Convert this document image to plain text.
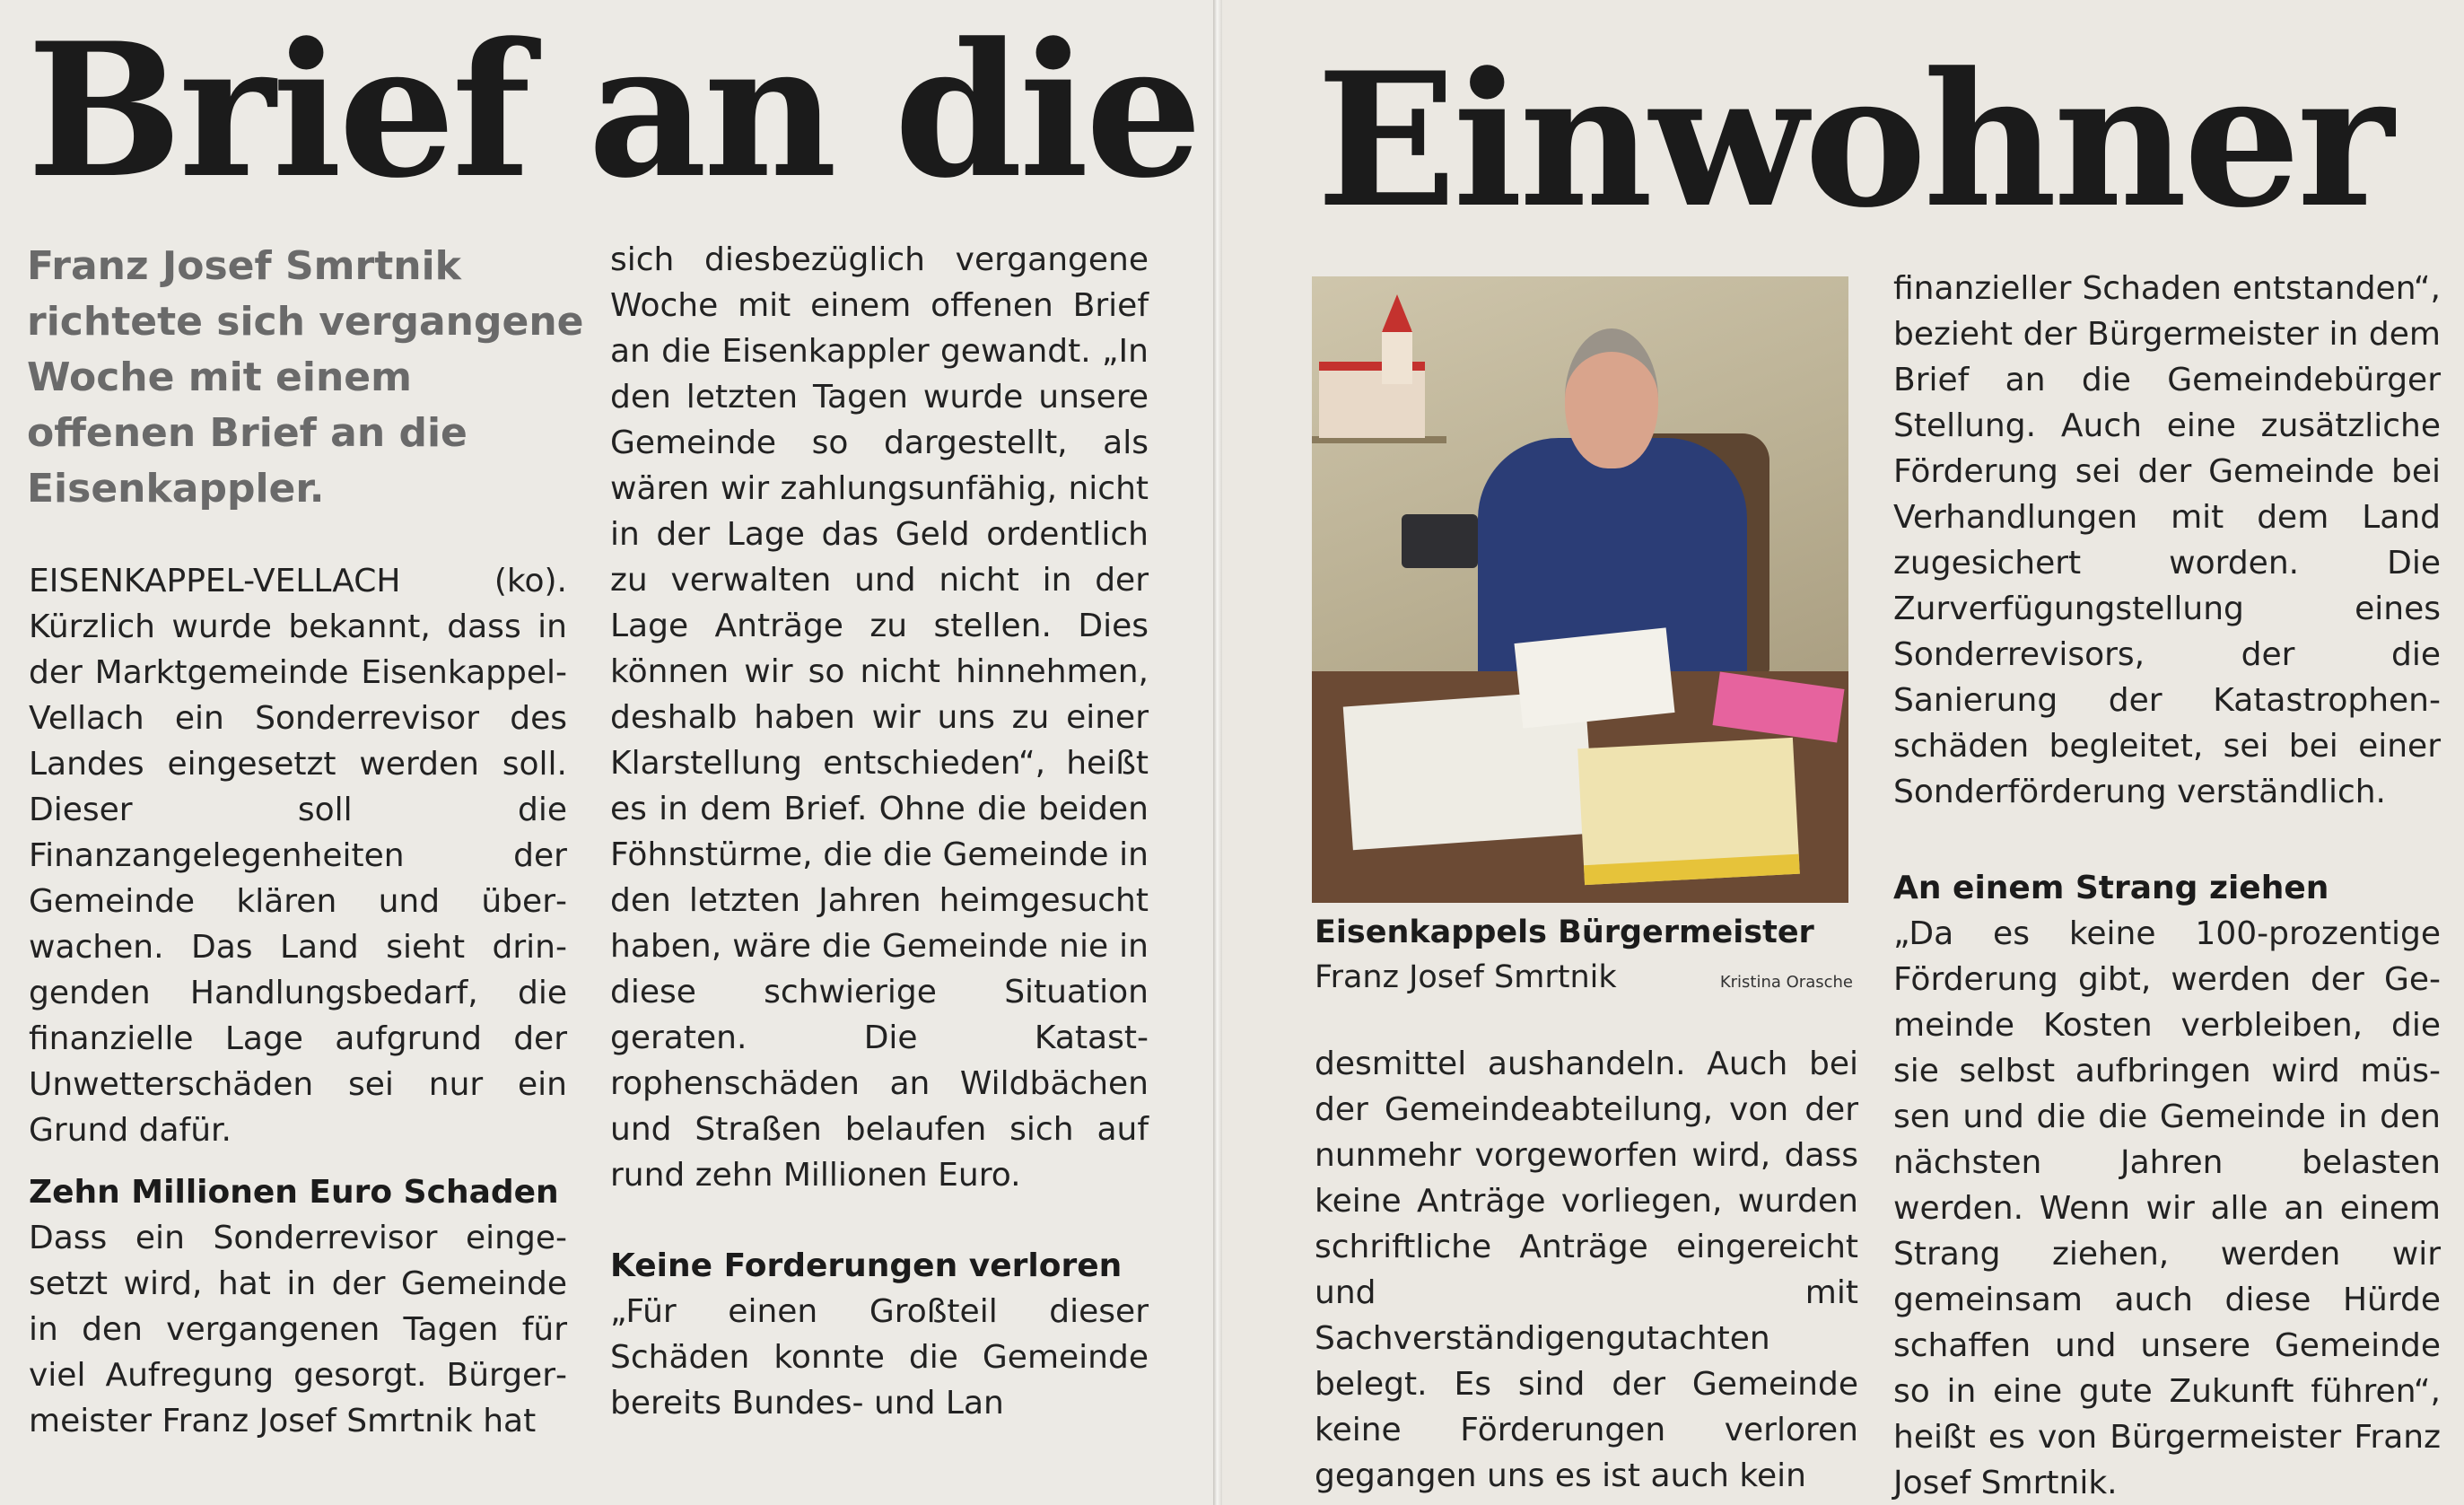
Brief an die

Franz Josef Smrtnik richtete sich vergangene Woche mit einem offenen Brief an die Eisenkappler.

EISENKAPPEL-VELLACH (ko). Kürzlich wurde bekannt, dass in der Marktgemeinde Eisenkappel-Vellach ein Sonderrevisor des Landes eingesetzt werden soll. Dieser soll die Finanzangelegenheiten der Gemeinde klären und überwachen. Das Land sieht dringenden Handlungsbedarf, die finanzielle Lage aufgrund der Unwetterschäden sei nur ein Grund dafür.

Zehn Millionen Euro Schaden

Dass ein Sonderrevisor eingesetzt wird, hat in der Gemeinde in den vergangenen Tagen für viel Aufregung gesorgt. Bürgermeister Franz Josef Smrtnik hat

sich diesbezüglich vergangene Woche mit einem offenen Brief an die Eisenkappler gewandt. „In den letzten Tagen wurde unsere Gemeinde so dargestellt, als wären wir zahlungsunfähig, nicht in der Lage das Geld ordentlich zu verwalten und nicht in der Lage Anträge zu stellen. Dies können wir so nicht hinnehmen, deshalb haben wir uns zu einer Klarstellung entschieden“, heißt es in dem Brief. Ohne die beiden Föhnstürme, die die Gemeinde in den letzten Jahren heimgesucht haben, wäre die Gemeinde nie in diese schwierige Situation geraten. Die Katastrophenschäden an Wildbächen und Straßen belaufen sich auf rund zehn Millionen Euro.

Keine Forderungen verloren

„Für einen Großteil dieser Schäden konnte die Gemeinde bereits Bundes- und Lan

Einwohner
Eisenkappels Bürgermeister
Franz Josef Smrtnik	Kristina Orasche

desmittel aushandeln. Auch bei der Gemeindeabteilung, von der nunmehr vorgeworfen wird, dass keine Anträge vorliegen, wurden schriftliche Anträge eingereicht und mit Sachverständigengutachten belegt. Es sind der Gemeinde keine Förderungen verloren gegangen uns es ist auch kein

finanzieller Schaden entstanden“, bezieht der Bürgermeister in dem Brief an die Gemeindebürger Stellung. Auch eine zusätzliche Förderung sei der Gemeinde bei Verhandlungen mit dem Land zugesichert worden. Die Zurverfügungstellung eines Sonderrevisors, der die Sanierung der Katastrophenschäden begleitet, sei bei einer Sonderförderung verständlich.

An einem Strang ziehen

„Da es keine 100-prozentige Förderung gibt, werden der Gemeinde Kosten verbleiben, die sie selbst aufbringen wird müssen und die die Gemeinde in den nächsten Jahren belasten werden. Wenn wir alle an einem Strang ziehen, werden wir gemeinsam auch diese Hürde schaffen und unsere Gemeinde so in eine gute Zukunft führen“, heißt es von Bürgermeister Franz Josef Smrtnik.
